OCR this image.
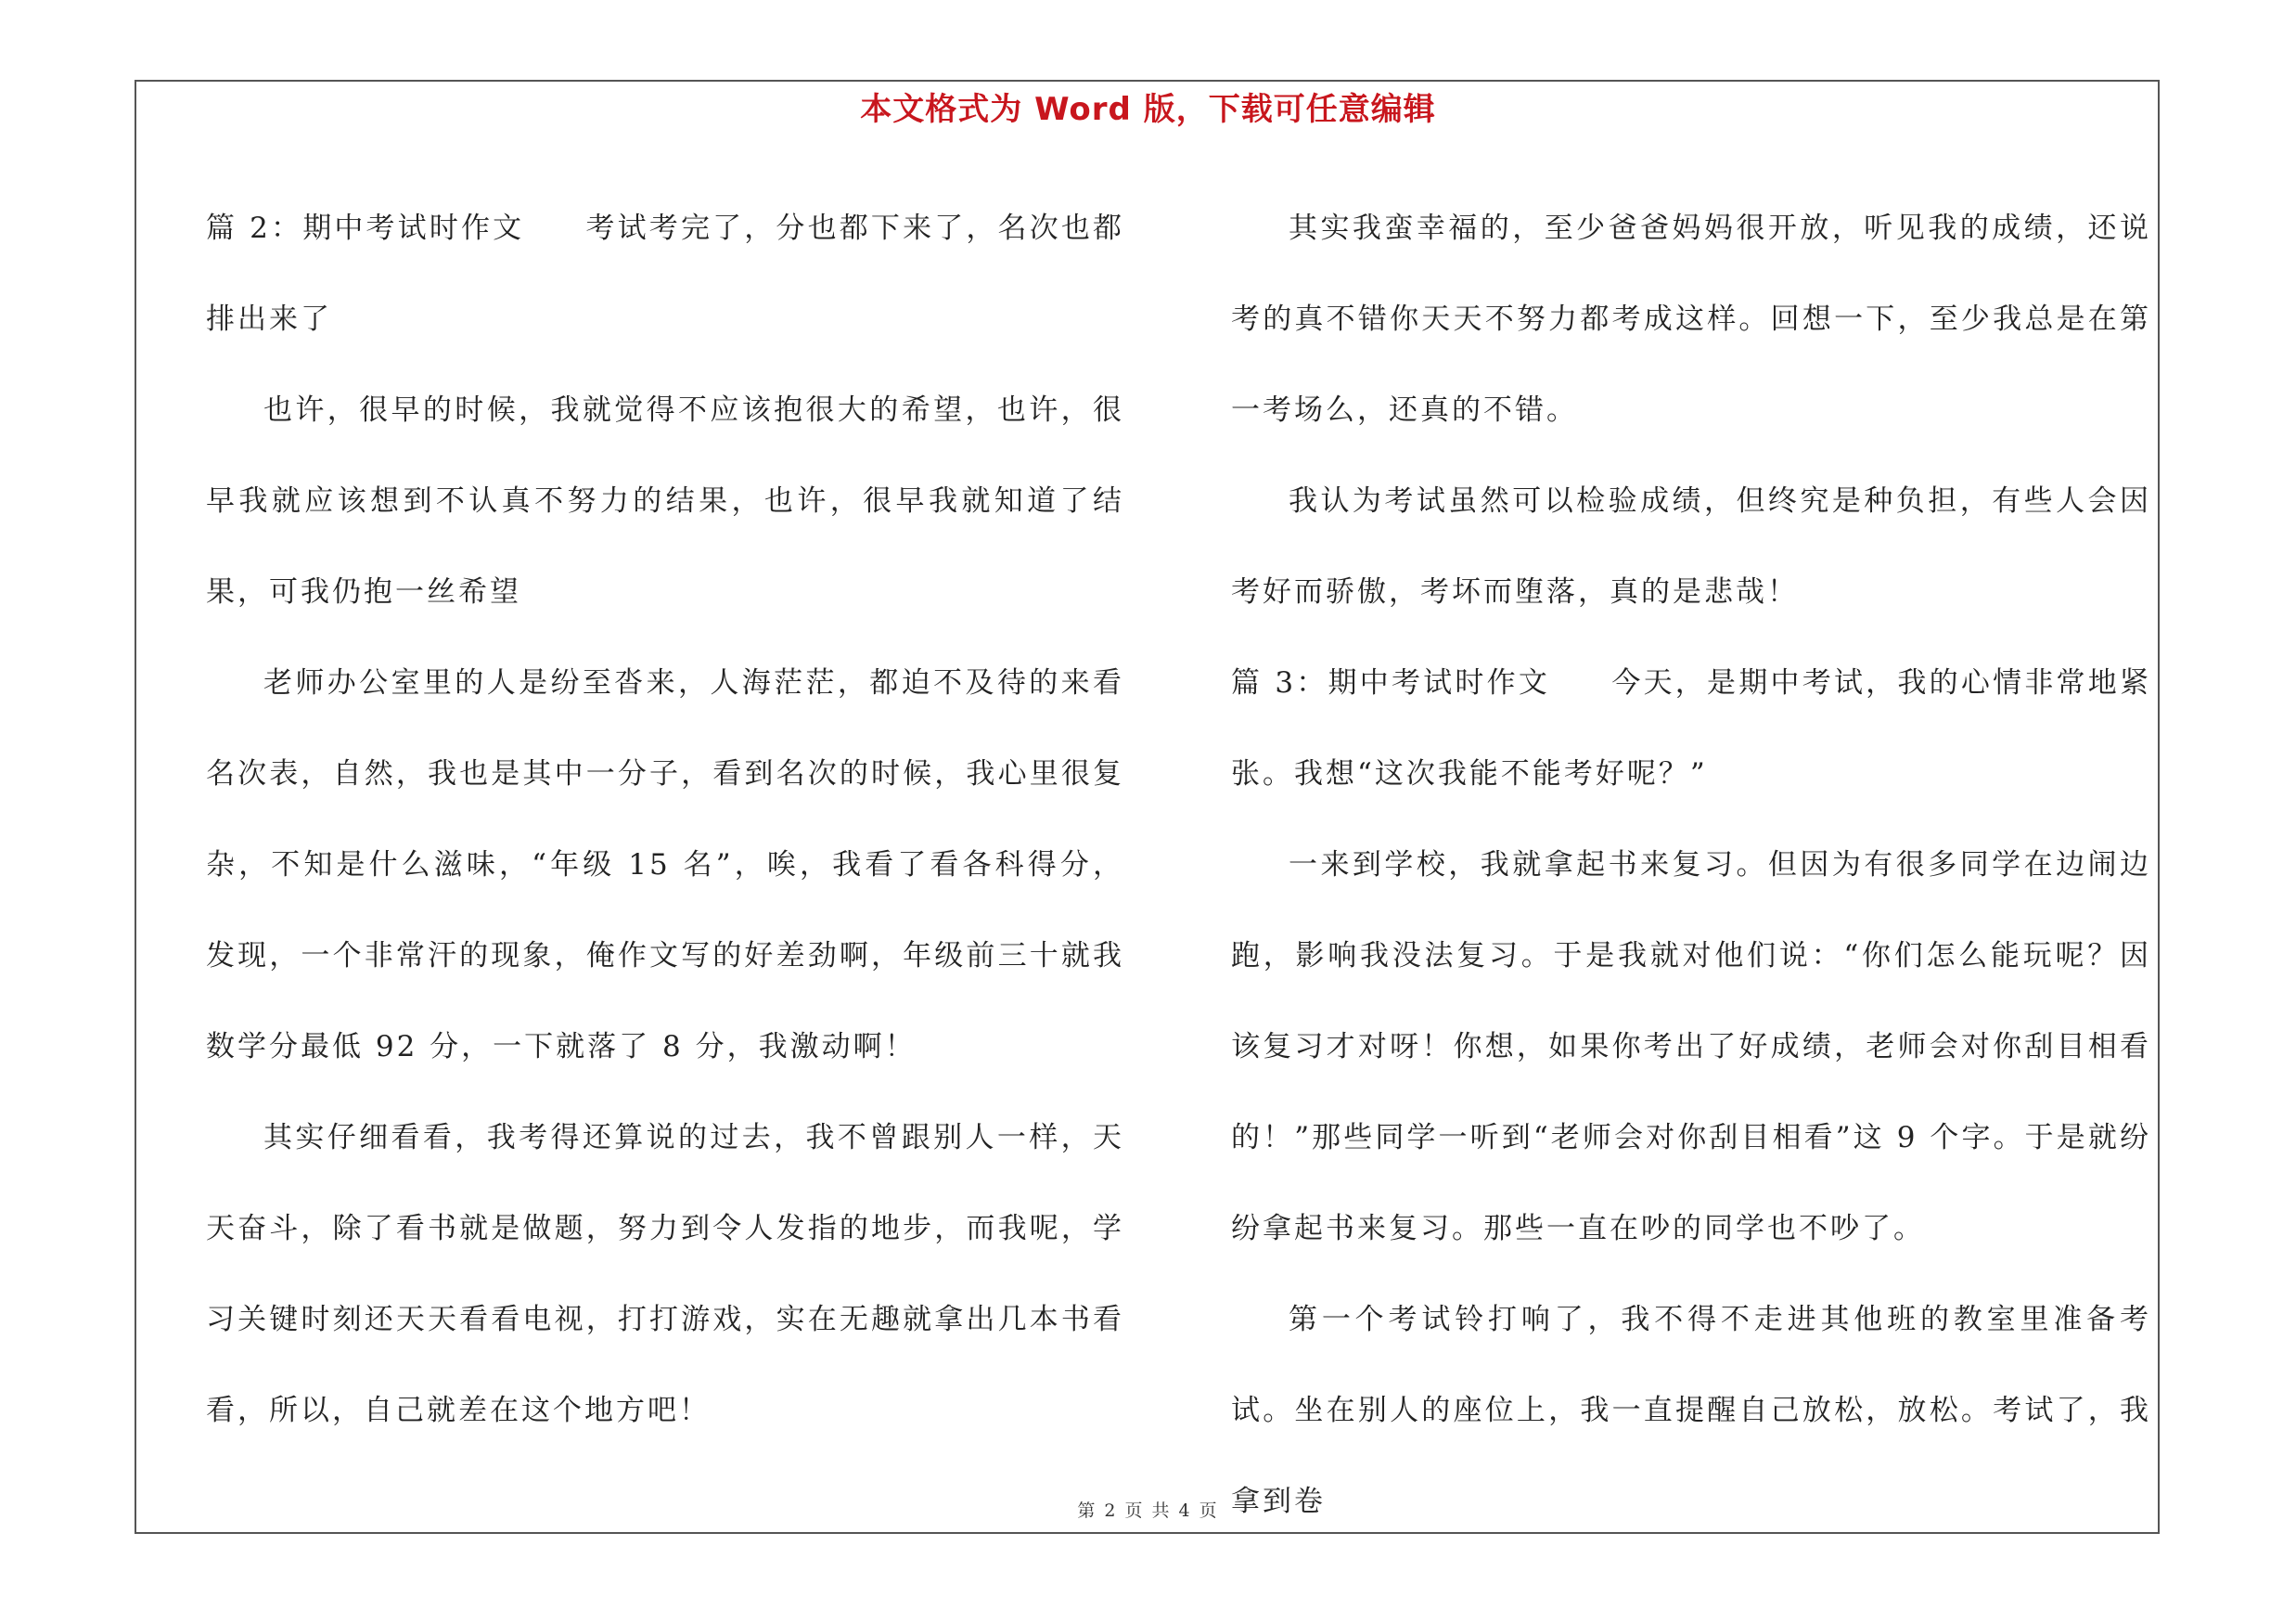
本文格式为 Word 版，下载可任意编辑

篇 2：期中考试时作文 考试考完了，分也都下来了，名次也都排出来了

也许，很早的时候，我就觉得不应该抱很大的希望，也许，很早我就应该想到不认真不努力的结果，也许，很早我就知道了结果，可我仍抱一丝希望

老师办公室里的人是纷至沓来，人海茫茫，都迫不及待的来看名次表，自然，我也是其中一分子，看到名次的时候，我心里很复杂，不知是什么滋味，“年级 15 名”，唉，我看了看各科得分，发现，一个非常汗的现象，俺作文写的好差劲啊，年级前三十就我数学分最低 92 分，一下就落了 8 分，我激动啊！

其实仔细看看，我考得还算说的过去，我不曾跟别人一样，天天奋斗，除了看书就是做题，努力到令人发指的地步，而我呢，学习关键时刻还天天看看电视，打打游戏，实在无趣就拿出几本书看看，所以，自己就差在这个地方吧！

其实我蛮幸福的，至少爸爸妈妈很开放，听见我的成绩，还说考的真不错你天天不努力都考成这样。回想一下，至少我总是在第一考场么，还真的不错。

我认为考试虽然可以检验成绩，但终究是种负担，有些人会因考好而骄傲，考坏而堕落，真的是悲哉！

篇 3：期中考试时作文 今天，是期中考试，我的心情非常地紧张。我想“这次我能不能考好呢？”

一来到学校，我就拿起书来复习。但因为有很多同学在边闹边跑，影响我没法复习。于是我就对他们说：“你们怎么能玩呢？因该复习才对呀！你想，如果你考出了好成绩，老师会对你刮目相看的！”那些同学一听到“老师会对你刮目相看”这 9 个字。于是就纷纷拿起书来复习。那些一直在吵的同学也不吵了。

第一个考试铃打响了，我不得不走进其他班的教室里准备考试。坐在别人的座位上，我一直提醒自己放松，放松。考试了，我拿到卷

第 2 页 共 4 页
